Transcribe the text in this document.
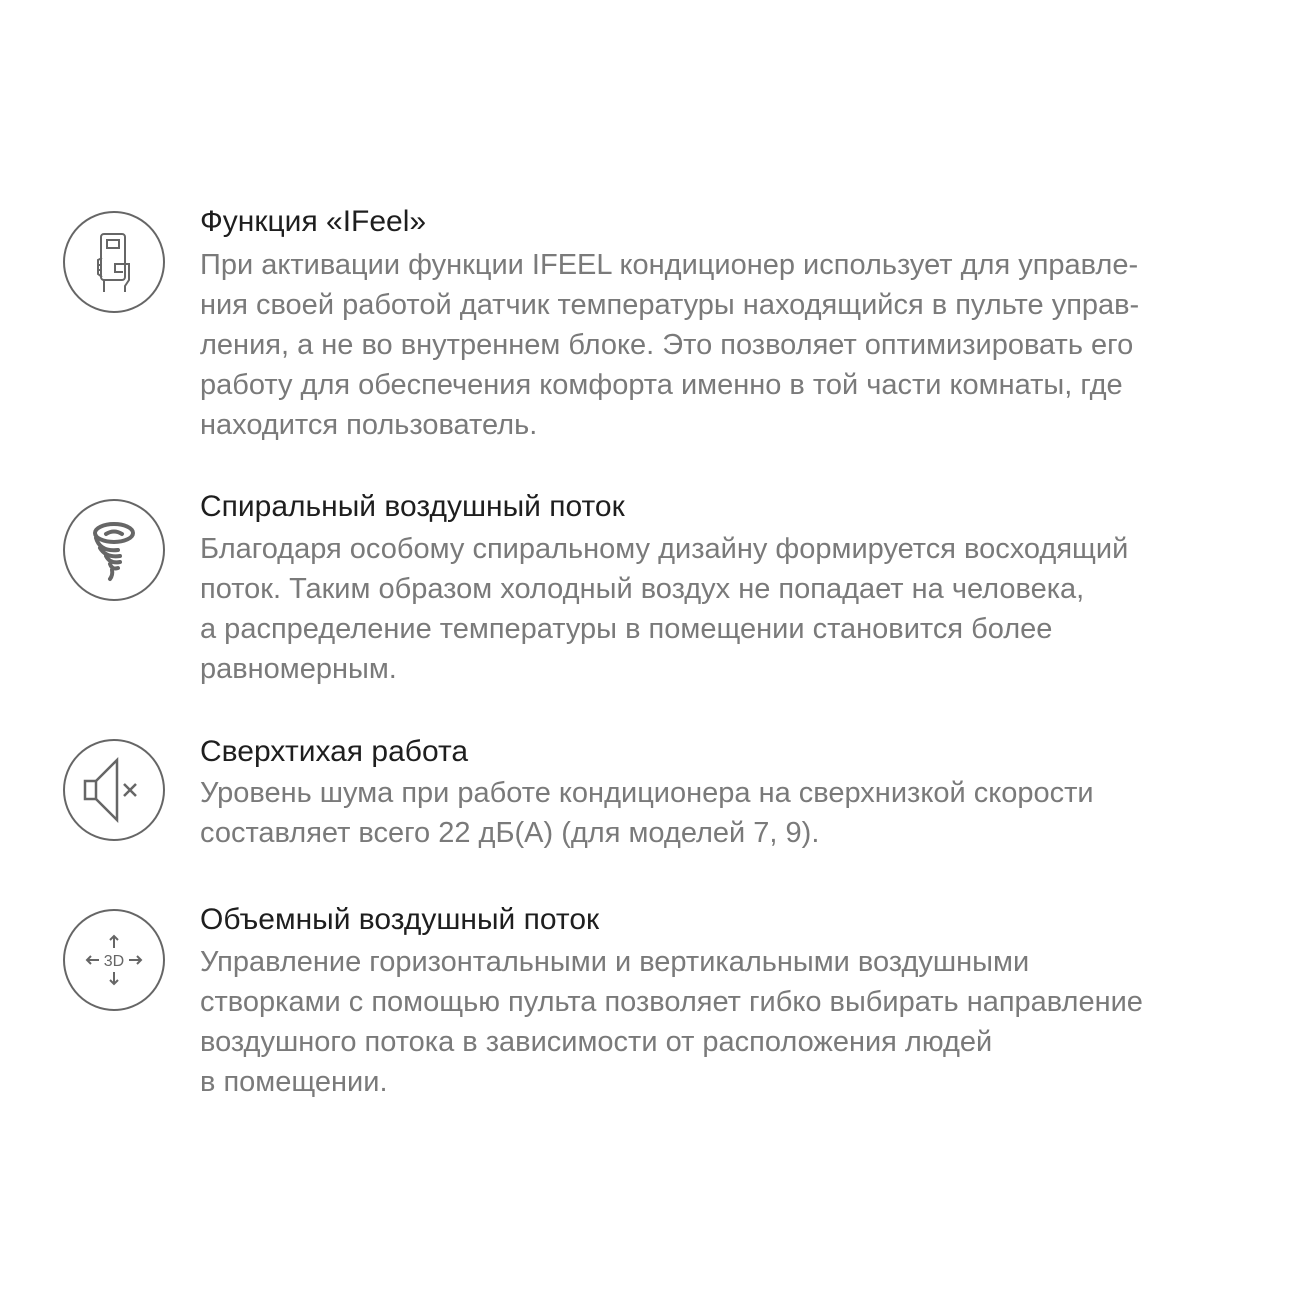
Функция «IFeel»
При активации функции IFEEL кондиционер использует для управле-
ния своей работой датчик температуры находящийся в пульте управ-
ления, а не во внутреннем блоке. Это позволяет оптимизировать его
работу для обеспечения комфорта именно в той части комнаты, где
находится пользователь.
Спиральный воздушный поток
Благодаря особому спиральному дизайну формируется восходящий
поток. Таким образом холодный воздух не попадает на человека,
а распределение температуры в помещении становится более
равномерным.
Сверхтихая работа
Уровень шума при работе кондиционера на сверхнизкой скорости
составляет всего 22 дБ(А) (для моделей 7, 9).
3D
Объемный воздушный поток
Управление горизонтальными и вертикальными воздушными
створками с помощью пульта позволяет гибко выбирать направление
воздушного потока в зависимости от расположения людей
в помещении.
